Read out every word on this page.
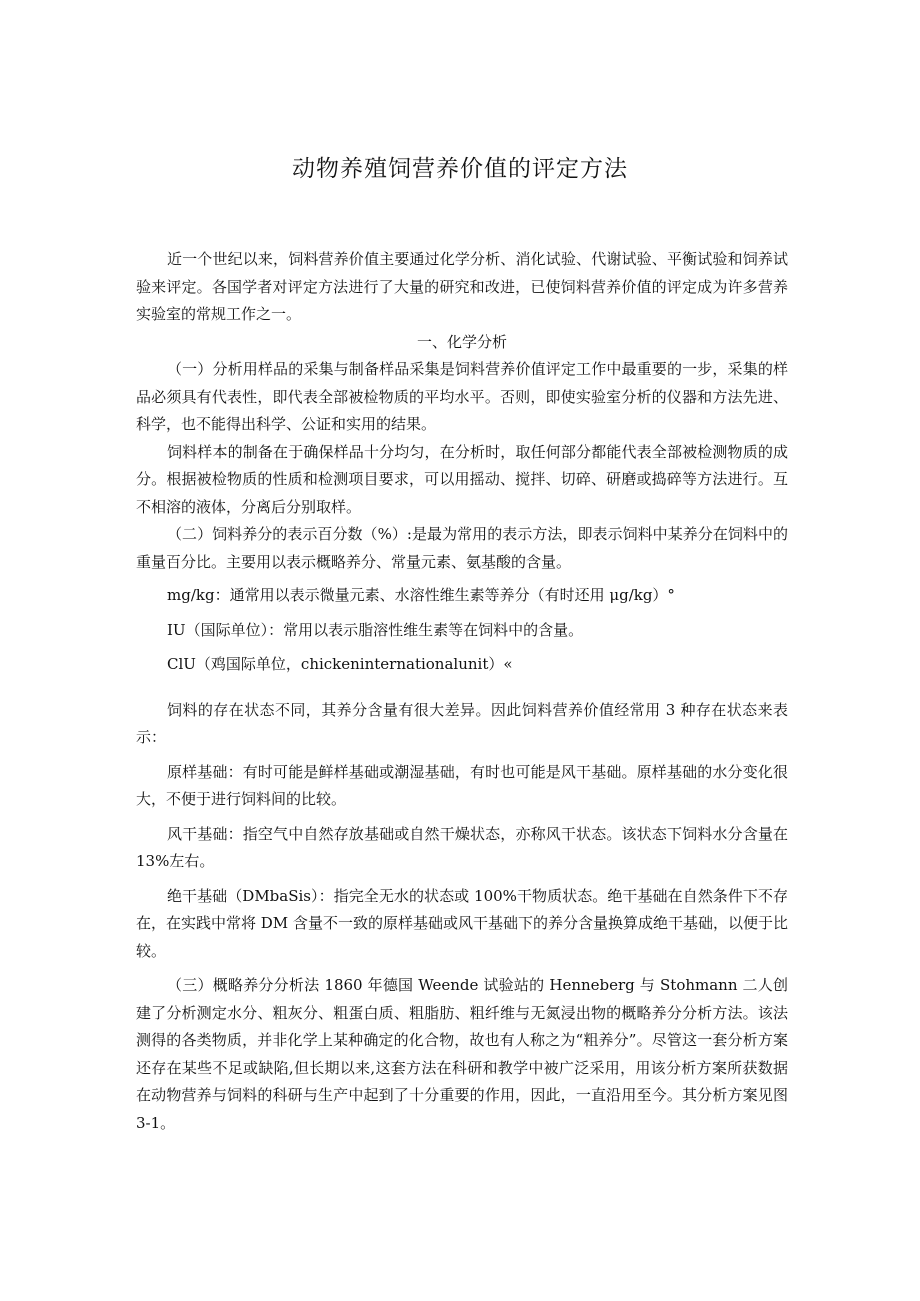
动物养殖饲营养价值的评定方法

近一个世纪以来，饲料营养价值主要通过化学分析、消化试验、代谢试验、平衡试验和饲养试验来评定。各国学者对评定方法进行了大量的研究和改进，已使饲料营养价值的评定成为许多营养实验室的常规工作之一。

一、化学分析

（一）分析用样品的采集与制备样品采集是饲料营养价值评定工作中最重要的一步，采集的样品必须具有代表性，即代表全部被检物质的平均水平。否则，即使实验室分析的仪器和方法先进、科学，也不能得出科学、公证和实用的结果。

饲料样本的制备在于确保样品十分均匀，在分析时，取任何部分都能代表全部被检测物质的成分。根据被检物质的性质和检测项目要求，可以用摇动、搅拌、切碎、研磨或捣碎等方法进行。互不相溶的液体，分离后分别取样。

（二）饲料养分的表示百分数（%）:是最为常用的表示方法，即表示饲料中某养分在饲料中的重量百分比。主要用以表示概略养分、常量元素、氨基酸的含量。

mg/kg：通常用以表示微量元素、水溶性维生素等养分（有时还用 μg/kg）°

IU（国际单位）：常用以表示脂溶性维生素等在饲料中的含量。

ClU（鸡国际单位，chickeninternationalunit）«

饲料的存在状态不同，其养分含量有很大差异。因此饲料营养价值经常用 3 种存在状态来表示：

原样基础：有时可能是鲜样基础或潮湿基础，有时也可能是风干基础。原样基础的水分变化很大，不便于进行饲料间的比较。

风干基础：指空气中自然存放基础或自然干燥状态，亦称风干状态。该状态下饲料水分含量在 13%左右。

绝干基础（DMbaSis）：指完全无水的状态或 100%干物质状态。绝干基础在自然条件下不存在，在实践中常将 DM 含量不一致的原样基础或风干基础下的养分含量换算成绝干基础，以便于比较。

（三）概略养分分析法 1860 年德国 Weende 试验站的 Henneberg 与 Stohmann 二人创建了分析测定水分、粗灰分、粗蛋白质、粗脂肪、粗纤维与无氮浸出物的概略养分分析方法。该法测得的各类物质，并非化学上某种确定的化合物，故也有人称之为“粗养分”。尽管这一套分析方案还存在某些不足或缺陷,但长期以来,这套方法在科研和教学中被广泛采用，用该分析方案所获数据在动物营养与饲料的科研与生产中起到了十分重要的作用，因此，一直沿用至今。其分析方案见图 3-1。
